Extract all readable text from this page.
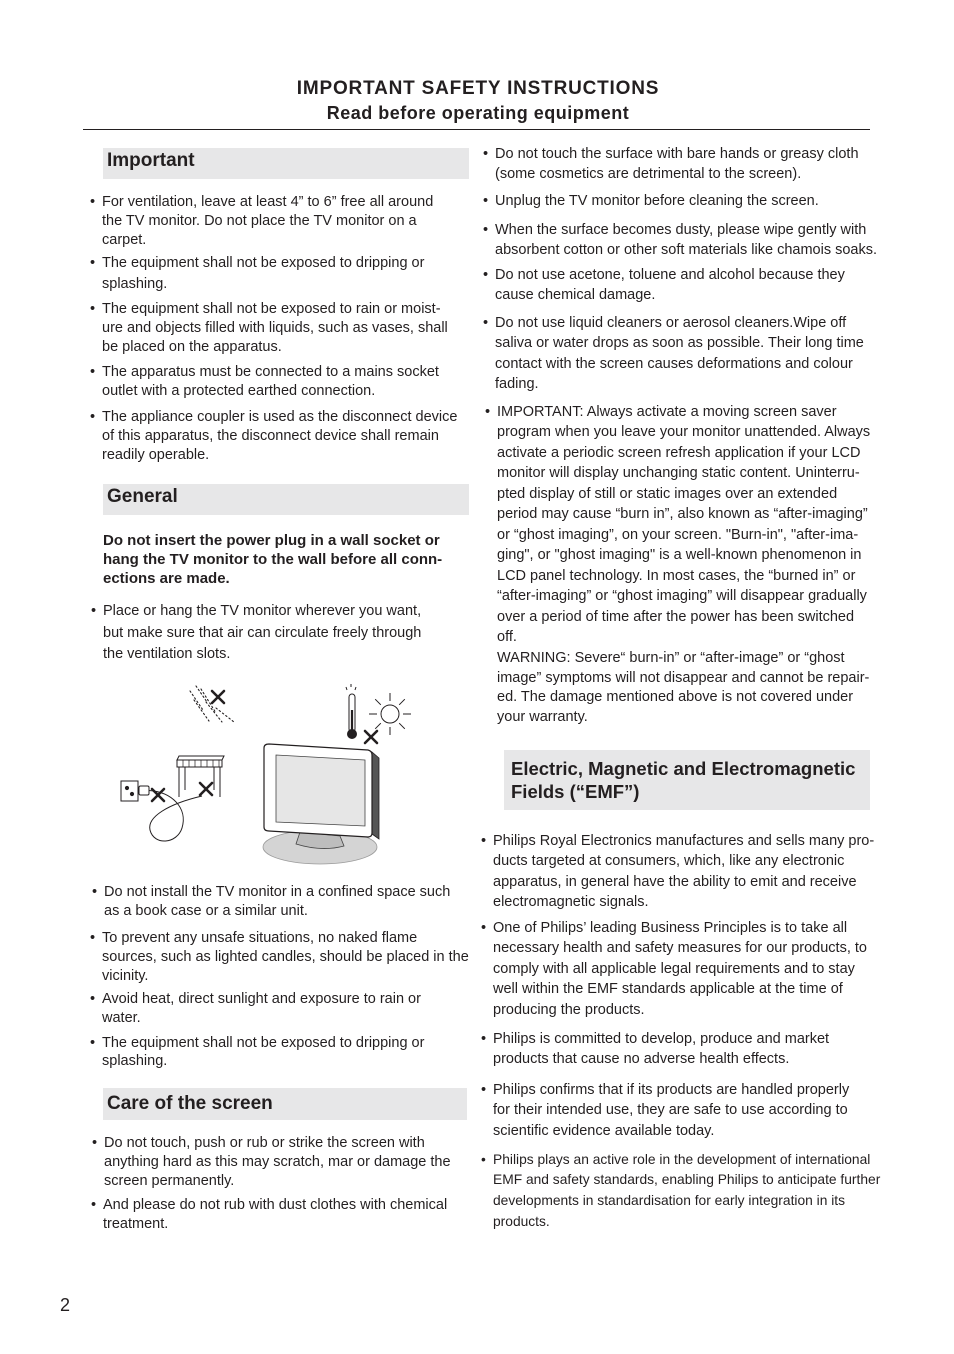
IMPORTANT SAFETY INSTRUCTIONS
Read before operating equipment
Important
• For ventilation, leave at least 4” to 6” free all around
the TV monitor. Do not place the TV monitor on a
carpet.
• The equipment shall not be exposed to dripping or
splashing.
• The equipment shall not be exposed to rain or moist-
ure and objects filled with liquids, such as vases, shall
be placed on the apparatus.
• The apparatus must be connected to a mains socket
outlet with a protected earthed connection.
• The appliance coupler is used as the disconnect device
of this apparatus, the disconnect device shall remain
readily operable.
General
Do not insert the power plug in a wall socket or
hang the TV monitor to the wall before all conn-
ections are made.
• Place or hang the TV monitor wherever you want,
but make sure that air can circulate freely through
the ventilation slots.
• Do not install the TV monitor in a confined space such
as a book case or a similar unit.
• To prevent any unsafe situations, no naked flame
sources, such as lighted candles, should be placed in the
vicinity.
• Avoid heat, direct sunlight and exposure to rain or
water.
• The equipment shall not be exposed to dripping or
splashing.
Care of the screen
• Do not touch, push or rub or strike the screen with
anything hard as this may scratch, mar or damage the
screen permanently.
• And please do not rub with dust clothes with chemical
treatment.
• Do not touch the surface with bare hands or greasy cloth
(some cosmetics are detrimental to the screen).
• Unplug the TV monitor before cleaning the screen.
• When the surface becomes dusty, please wipe gently with
absorbent cotton or other soft materials like chamois soaks.
• Do not use acetone, toluene and alcohol because they
cause chemical damage.
• Do not use liquid cleaners or aerosol cleaners.Wipe off
saliva or water drops as soon as possible. Their long time
contact with the screen causes deformations and colour
fading.
• IMPORTANT: Always activate a moving screen saver
program when you leave your monitor unattended. Always
activate a periodic screen refresh application if your LCD
monitor will display unchanging static content. Uninterru-
pted display of still or static images over an extended
period may cause “burn in”, also known as “after-imaging”
or “ghost imaging”, on your screen. "Burn-in", "after-ima-
ging", or "ghost imaging" is a well-known phenomenon in
LCD panel technology. In most cases, the “burned in” or
“after-imaging” or “ghost imaging” will disappear gradually
over a period of time after the power has been switched
off.
WARNING: Severe“ burn-in” or “after-image” or “ghost
image” symptoms will not disappear and cannot be repair-
ed. The damage mentioned above is not covered under
your warranty.
Electric, Magnetic and Electromagnetic
Fields (“EMF”)
• Philips Royal Electronics manufactures and sells many pro-
ducts targeted at consumers, which, like any electronic
apparatus, in general have the ability to emit and receive
electromagnetic signals.
• One of Philips’ leading Business Principles is to take all
necessary health and safety measures for our products, to
comply with all applicable legal requirements and to stay
well within the EMF standards applicable at the time of
producing the products.
• Philips is committed to develop, produce and market
products that cause no adverse health effects.
• Philips confirms that if its products are handled properly
for their intended use, they are safe to use according to
scientific evidence available today.
• Philips plays an active role in the development of international
EMF and safety standards, enabling Philips to anticipate further
developments in standardisation for early integration in its
products.
2
